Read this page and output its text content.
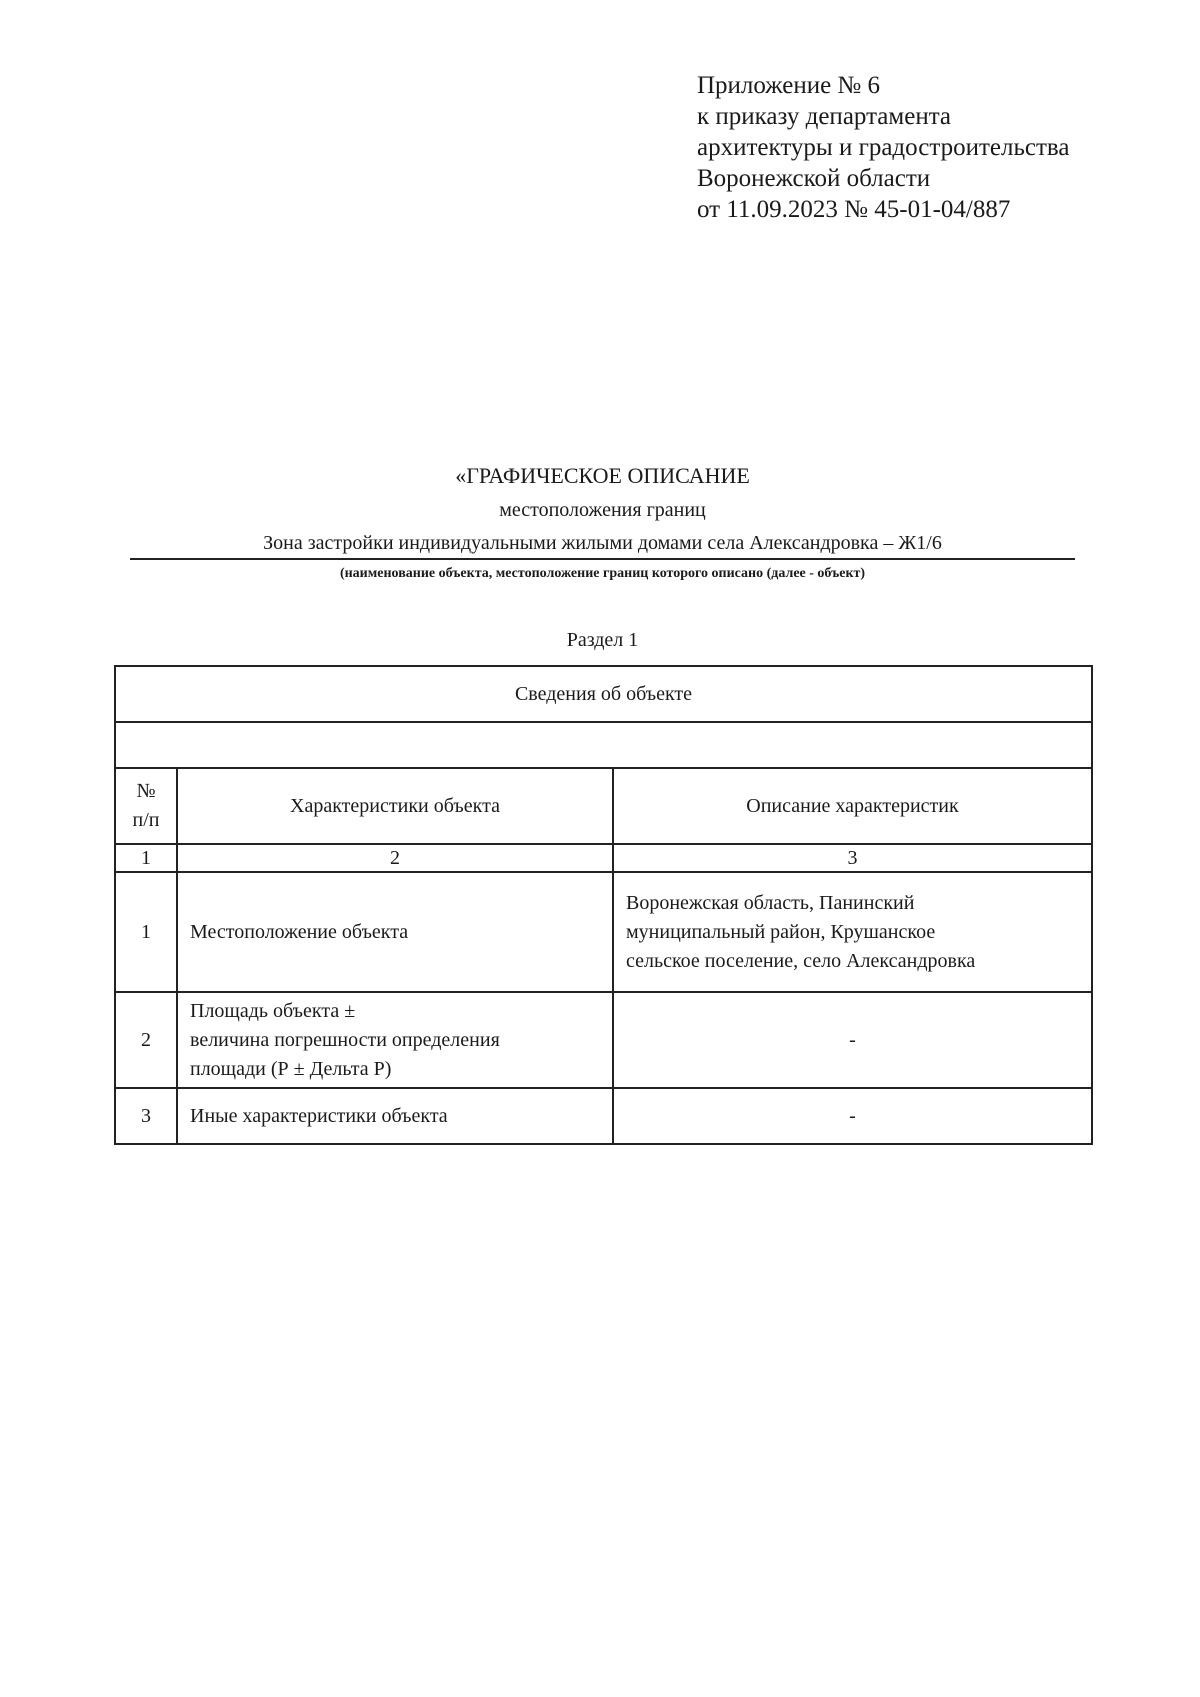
Приложение № 6
к приказу департамента
архитектуры и градостроительства
Воронежской области
от 11.09.2023 № 45-01-04/887
«ГРАФИЧЕСКОЕ ОПИСАНИЕ
местоположения границ
Зона застройки индивидуальными жилыми домами села Александровка – Ж1/6
(наименование объекта, местоположение границ которого описано (далее - объект)
Раздел 1
Сведения об объекте		

№
п/п	Характеристики объекта	Описание характеристик
1	2	3
1	Местоположение объекта	Воронежская область, Панинский
муниципальный район, Крушанское
сельское поселение, село Александровка

2	Площадь объекта ±
величина погрешности определения
площади (Р ± Дельта Р)	-
3	Иные характеристики объекта	-
